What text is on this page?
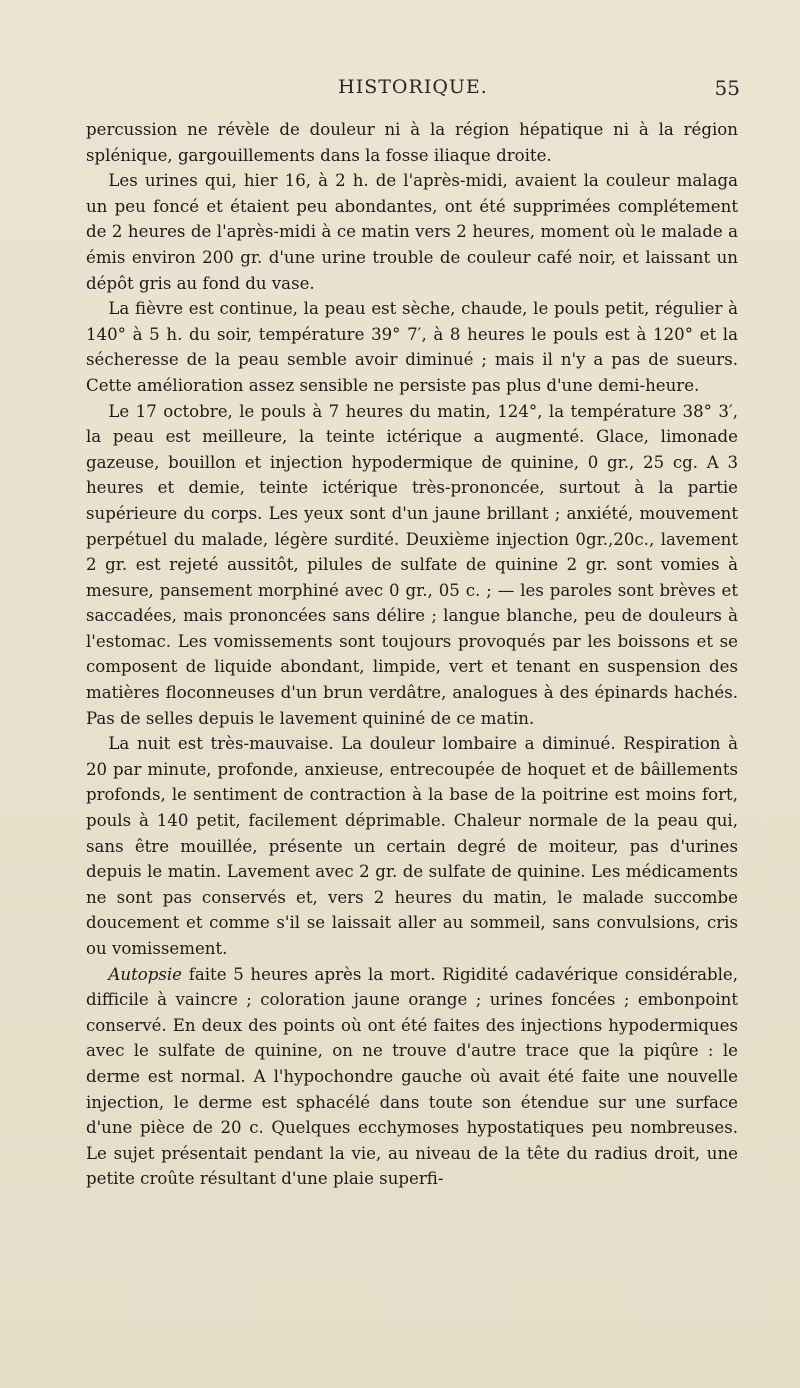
HISTORIQUE.	55

percussion ne révèle de douleur ni à la région hépatique ni à la région splénique, gargouillements dans la fosse iliaque droite.

Les urines qui, hier 16, à 2 h. de l'après-midi, avaient la couleur malaga un peu foncé et étaient peu abondantes, ont été supprimées complétement de 2 heures de l'après-midi à ce matin vers 2 heures, moment où le malade a émis environ 200 gr. d'une urine trouble de couleur café noir, et laissant un dépôt gris au fond du vase.

La fièvre est continue, la peau est sèche, chaude, le pouls petit, régulier à 140° à 5 h. du soir, température 39° 7′, à 8 heures le pouls est à 120° et la sécheresse de la peau semble avoir diminué ; mais il n'y a pas de sueurs. Cette amélioration assez sensible ne persiste pas plus d'une demi-heure.

Le 17 octobre, le pouls à 7 heures du matin, 124°, la température 38° 3′, la peau est meilleure, la teinte ictérique a augmenté. Glace, limonade gazeuse, bouillon et injection hypodermique de quinine, 0 gr., 25 cg. A 3 heures et demie, teinte ictérique très-prononcée, surtout à la partie supérieure du corps. Les yeux sont d'un jaune brillant ; anxiété, mouvement perpétuel du malade, légère surdité. Deuxième injection 0gr.,20c., lavement 2 gr. est rejeté aussitôt, pilules de sulfate de quinine 2 gr. sont vomies à mesure, pansement morphiné avec 0 gr., 05 c. ; — les paroles sont brèves et saccadées, mais prononcées sans délire ; langue blanche, peu de douleurs à l'estomac. Les vomissements sont toujours provoqués par les boissons et se composent de liquide abondant, limpide, vert et tenant en suspension des matières floconneuses d'un brun verdâtre, analogues à des épinards hachés. Pas de selles depuis le lavement quininé de ce matin.

La nuit est très-mauvaise. La douleur lombaire a diminué. Respiration à 20 par minute, profonde, anxieuse, entrecoupée de hoquet et de bâillements profonds, le sentiment de contraction à la base de la poitrine est moins fort, pouls à 140 petit, facilement déprimable. Chaleur normale de la peau qui, sans être mouillée, présente un certain degré de moiteur, pas d'urines depuis le matin. Lavement avec 2 gr. de sulfate de quinine. Les médicaments ne sont pas conservés et, vers 2 heures du matin, le malade succombe doucement et comme s'il se laissait aller au sommeil, sans convulsions, cris ou vomissement.

Autopsie faite 5 heures après la mort. Rigidité cadavérique considérable, difficile à vaincre ; coloration jaune orange ; urines foncées ; embonpoint conservé. En deux des points où ont été faites des injections hypodermiques avec le sulfate de quinine, on ne trouve d'autre trace que la piqûre : le derme est normal. A l'hypochondre gauche où avait été faite une nouvelle injection, le derme est sphacélé dans toute son étendue sur une surface d'une pièce de 20 c. Quelques ecchymoses hypostatiques peu nombreuses. Le sujet présentait pendant la vie, au niveau de la tête du radius droit, une petite croûte résultant d'une plaie superfi-
